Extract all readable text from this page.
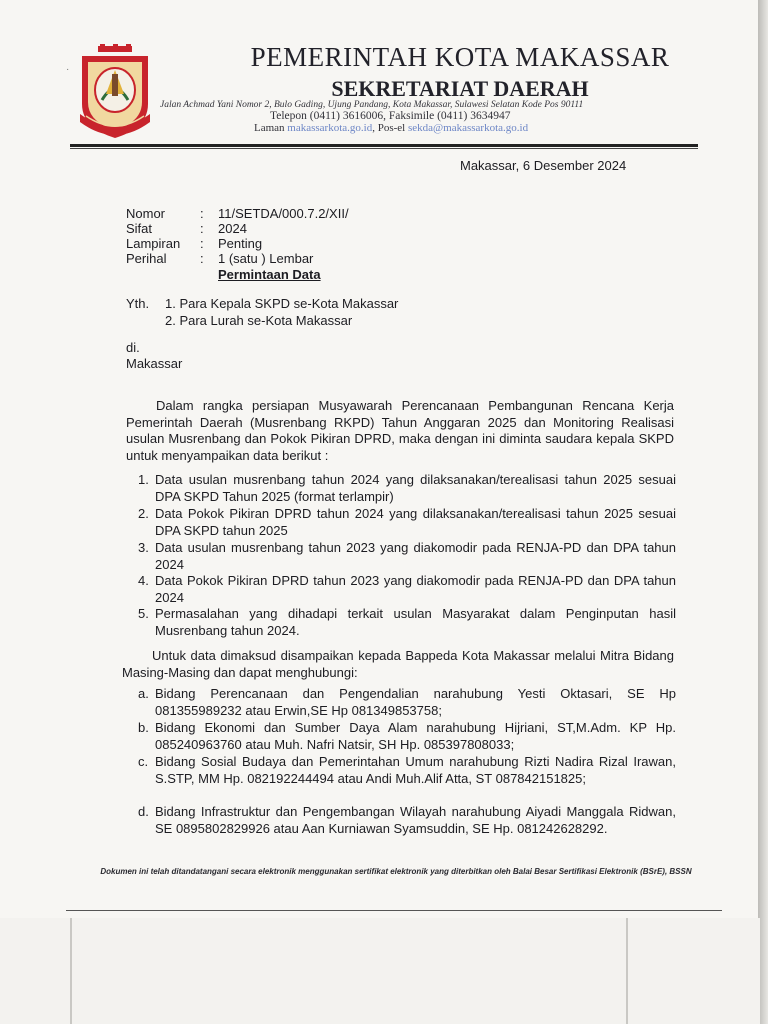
·	PEMERINTAH KOTA MAKASSAR
SEKRETARIAT DAERAH
Jalan Achmad Yani Nomor 2, Bulo Gading, Ujung Pandang, Kota Makassar, Sulawesi Selatan Kode Pos 90111
Telepon (0411) 3616006, Faksimile (0411) 3634947
Laman makassarkota.go.id, Pos-el sekda@makassarkota.go.id
Makassar, 6 Desember 2024
Nomor	:	11/SETDA/000.7.2/XII/
Sifat	:	2024
Lampiran	:	Penting
Perihal	:	1 (satu ) Lembar
Permintaan Data
Yth. 1. Para Kepala SKPD se-Kota Makassar
2. Para Lurah se-Kota Makassar
di.
Makassar
Dalam rangka persiapan Musyawarah Perencanaan Pembangunan Rencana Kerja Pemerintah Daerah (Musrenbang RKPD) Tahun Anggaran 2025 dan Monitoring Realisasi usulan Musrenbang dan Pokok Pikiran DPRD, maka dengan ini diminta saudara kepala SKPD untuk menyampaikan data berikut :
1. Data usulan musrenbang tahun 2024 yang dilaksanakan/terealisasi tahun 2025 sesuai DPA SKPD Tahun 2025 (format terlampir)
2. Data Pokok Pikiran DPRD tahun 2024 yang dilaksanakan/terealisasi tahun 2025 sesuai DPA SKPD tahun 2025
3. Data usulan musrenbang tahun 2023 yang diakomodir pada RENJA-PD dan DPA tahun 2024
4. Data Pokok Pikiran DPRD tahun 2023 yang diakomodir pada RENJA-PD dan DPA tahun 2024
5. Permasalahan yang dihadapi terkait usulan Masyarakat dalam Penginputan hasil Musrenbang tahun 2024.
Untuk data dimaksud disampaikan kepada Bappeda Kota Makassar melalui Mitra Bidang Masing-Masing dan dapat menghubungi:
a. Bidang Perencanaan dan Pengendalian narahubung Yesti Oktasari, SE Hp 081355989232 atau Erwin,SE Hp 081349853758;
b. Bidang Ekonomi dan Sumber Daya Alam narahubung Hijriani, ST,M.Adm. KP Hp. 085240963760 atau Muh. Nafri Natsir, SH Hp. 085397808033;
c. Bidang Sosial Budaya dan Pemerintahan Umum narahubung Rizti Nadira Rizal Irawan, S.STP, MM Hp. 082192244494 atau Andi Muh.Alif Atta, ST 087842151825;
d. Bidang Infrastruktur dan Pengembangan Wilayah narahubung Aiyadi Manggala Ridwan, SE 0895802829926 atau Aan Kurniawan Syamsuddin, SE Hp. 081242628292.
Dokumen ini telah ditandatangani secara elektronik menggunakan sertifikat elektronik yang diterbitkan oleh Balai Besar Sertifikasi Elektronik (BSrE), BSSN
